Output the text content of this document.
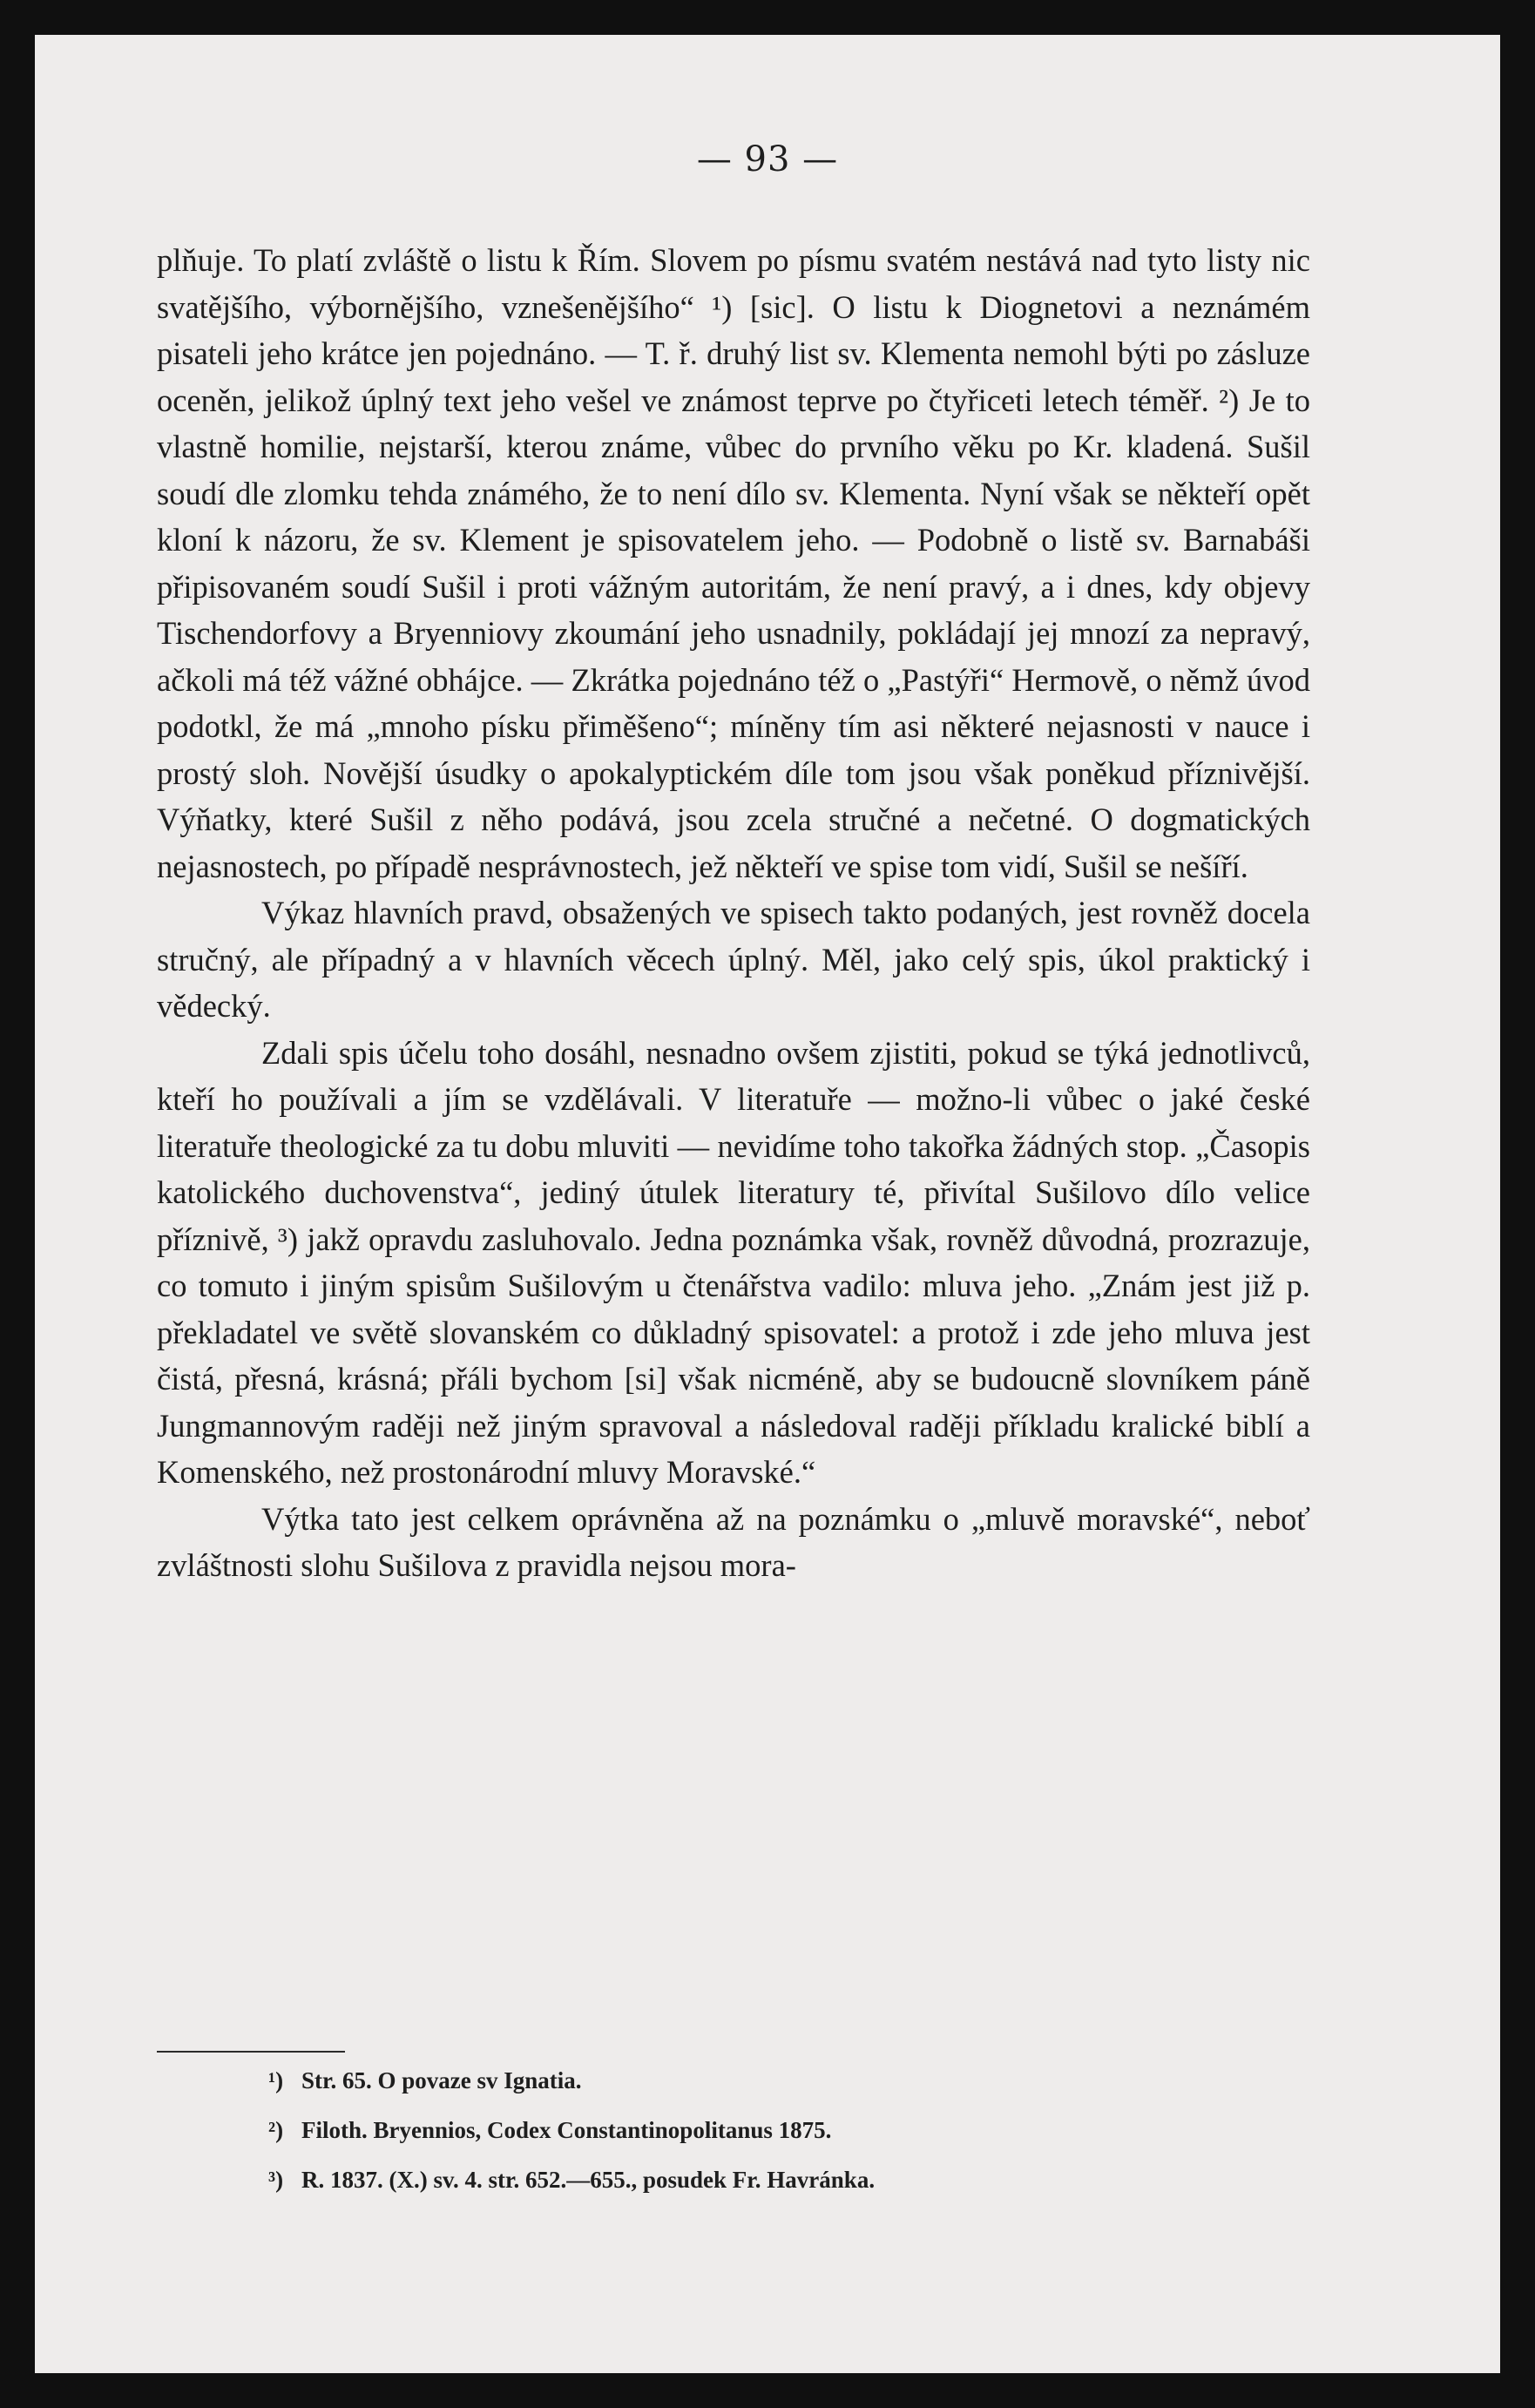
— 93 —

plňuje. To platí zvláště o listu k Řím. Slovem po písmu svatém nestává nad tyto listy nic svatějšího, výbornějšího, vznešenějšího“ ¹) [sic]. O listu k Diognetovi a neznámém pisateli jeho krátce jen pojednáno. — T. ř. druhý list sv. Klementa nemohl býti po zásluze oceněn, jelikož úplný text jeho vešel ve známost teprve po čtyřiceti letech téměř. ²) Je to vlastně homilie, nejstarší, kterou známe, vůbec do prvního věku po Kr. kladená. Sušil soudí dle zlomku tehda známého, že to není dílo sv. Klementa. Nyní však se někteří opět kloní k názoru, že sv. Klement je spisovatelem jeho. — Podobně o listě sv. Barnabáši připisovaném soudí Sušil i proti vážným autoritám, že není pravý, a i dnes, kdy objevy Tischendorfovy a Bryenniovy zkoumání jeho usnadnily, pokládají jej mnozí za nepravý, ačkoli má též vážné obhájce. — Zkrátka pojednáno též o „Pastýři“ Hermově, o němž úvod podotkl, že má „mnoho písku přiměšeno“; míněny tím asi některé nejasnosti v nauce i prostý sloh. Novější úsudky o apokalyptickém díle tom jsou však poněkud příznivější. Výňatky, které Sušil z něho podává, jsou zcela stručné a nečetné. O dogmatických nejasnostech, po případě nesprávnostech, jež někteří ve spise tom vidí, Sušil se nešíří.

Výkaz hlavních pravd, obsažených ve spisech takto podaných, jest rovněž docela stručný, ale případný a v hlavních věcech úplný. Měl, jako celý spis, úkol praktický i vědecký.

Zdali spis účelu toho dosáhl, nesnadno ovšem zjistiti, pokud se týká jednotlivců, kteří ho používali a jím se vzdělávali. V literatuře — možno-li vůbec o jaké české literatuře theologické za tu dobu mluviti — nevidíme toho takořka žádných stop. „Časopis katolického duchovenstva“, jediný útulek literatury té, přivítal Sušilovo dílo velice příznivě, ³) jakž opravdu zasluhovalo. Jedna poznámka však, rovněž důvodná, prozrazuje, co tomuto i jiným spisům Sušilovým u čtenářstva vadilo: mluva jeho. „Znám jest již p. překladatel ve světě slovanském co důkladný spisovatel: a protož i zde jeho mluva jest čistá, přesná, krásná; přáli bychom [si] však nicméně, aby se budoucně slovníkem páně Jungmannovým raději než jiným spravoval a následoval raději příkladu kralické biblí a Komenského, než prostonárodní mluvy Moravské.“

Výtka tato jest celkem oprávněna až na poznámku o „mluvě moravské“, neboť zvláštnosti slohu Sušilova z pravidla nejsou mora-

¹) Str. 65. O povaze sv Ignatia.
²) Filoth. Bryennios, Codex Constantinopolitanus 1875.
³) R. 1837. (X.) sv. 4. str. 652.—655., posudek Fr. Havránka.
